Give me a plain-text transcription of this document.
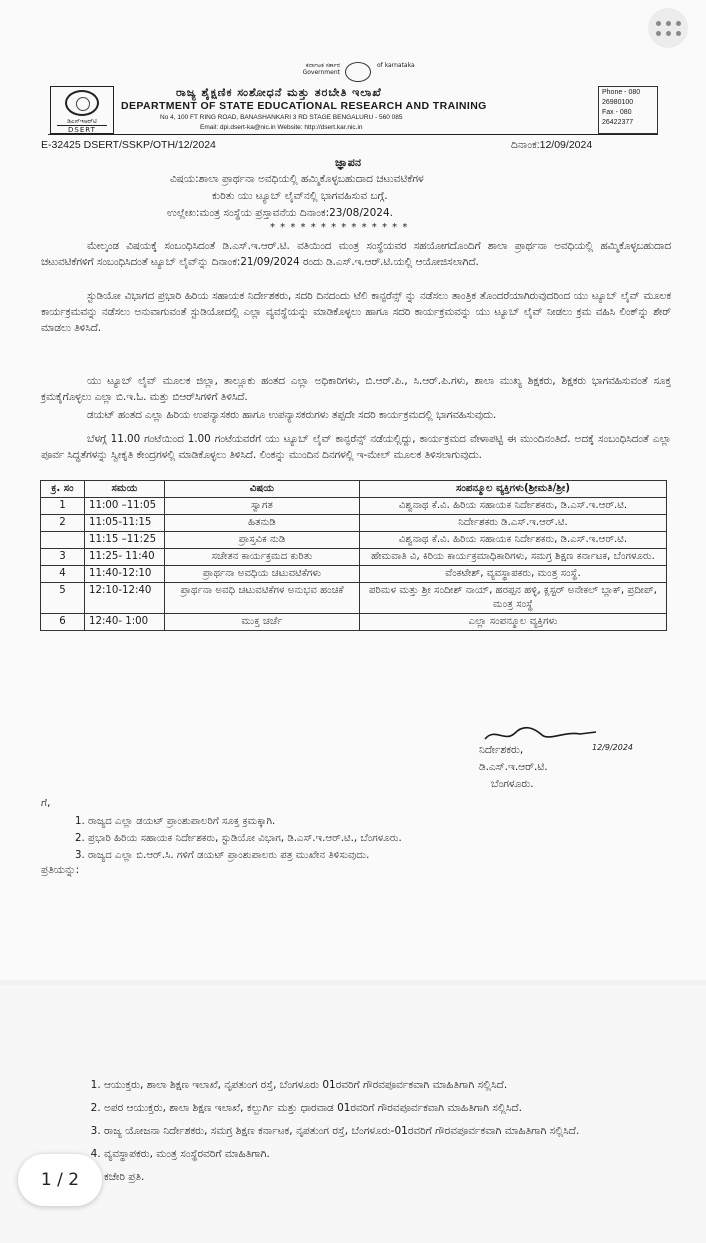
ಕರ್ನಾಟಕ ಸರ್ಕಾರ
Government
of karnataka
ಡಿಎಸ್‌ಇಆರ್‌ಟಿ
DSERT
ರಾಜ್ಯ ಶೈಕ್ಷಣಿಕ ಸಂಶೋಧನೆ ಮತ್ತು ತರಬೇತಿ ಇಲಾಖೆ
DEPARTMENT OF STATE EDUCATIONAL RESEARCH AND TRAINING
No 4, 100 FT RING ROAD, BANASHANKARI 3 RD STAGE BENGALURU - 560 085
Email: dpi.dsert-ka@nic.in Website: http://dsert.kar.nic.in
Phone - 080
26980100
Fax - 080
26422377
E-32425 DSERT/SSKP/OTH/12/2024	ದಿನಾಂಕ:12/09/2024
ಜ್ಞಾಪನ
ವಿಷಯ:ಶಾಲಾ ಪ್ರಾರ್ಥನಾ ಅವಧಿಯಲ್ಲಿ ಹಮ್ಮಿಕೊಳ್ಳಬಹುದಾದ ಚಟುವಟಿಕೆಗಳ
ಕುರಿತು ಯು ಟ್ಯೂಬ್ ಲೈವ್‌ನಲ್ಲಿ ಭಾಗವಹಿಸುವ ಬಗ್ಗೆ.
ಉಲ್ಲೇಖ:ಮಂತ್ರ ಸಂಸ್ಥೆಯ ಪ್ರಸ್ತಾವನೆಯ ದಿನಾಂಕ:23/08/2024.
* * * * * * * * * * * * * *
ಮೇಲ್ಕಂಡ ವಿಷಯಕ್ಕೆ ಸಂಬಂಧಿಸಿದಂತೆ ಡಿ.ಎಸ್.ಇ.ಆರ್.ಟಿ. ವತಿಯಿಂದ ಮಂತ್ರ ಸಂಸ್ಥೆಯವರ ಸಹಯೋಗದೊಂದಿಗೆ ಶಾಲಾ ಪ್ರಾರ್ಥನಾ ಅವಧಿಯಲ್ಲಿ ಹಮ್ಮಿಕೊಳ್ಳಬಹುದಾದ ಚಟುವಟಿಕೆಗಳಿಗೆ ಸಂಬಂಧಿಸಿದಂತೆ ಟ್ಯೂಬ್ ಲೈವ್‌ನ್ನು ದಿನಾಂಕ:21/09/2024 ರಂದು ಡಿ.ಎಸ್.ಇ.ಆರ್.ಟಿ.ಯಲ್ಲಿ ಆಯೋಜಿಸಲಾಗಿದೆ.
ಸ್ಟುಡಿಯೋ ವಿಭಾಗದ ಪ್ರಭಾರಿ ಹಿರಿಯ ಸಹಾಯಕ ನಿರ್ದೇಶಕರು, ಸದರಿ ದಿನದಂದು ಟೆಲಿ ಕಾನ್ಫರೆನ್ಸ್ ನ್ನು ನಡೆಸಲು ತಾಂತ್ರಿಕ ತೊಂದರೆಯಾಗಿರುವುದರಿಂದ ಯು ಟ್ಯೂಬ್ ಲೈವ್ ಮೂಲಕ ಕಾರ್ಯಕ್ರಮವನ್ನು ನಡೆಸಲು ಅನುವಾಗುವಂತೆ ಸ್ಟುಡಿಯೋದಲ್ಲಿ ಎಲ್ಲಾ ವ್ಯವಸ್ಥೆಯನ್ನು ಮಾಡಿಕೊಳ್ಳಲು ಹಾಗೂ ಸದರಿ ಕಾರ್ಯಕ್ರಮವನ್ನು ಯು ಟ್ಯೂಬ್ ಲೈವ್ ನೀಡಲು ಕ್ರಮ ವಹಿಸಿ ಲಿಂಕ್‌ನ್ನು ಶೇರ್ ಮಾಡಲು ತಿಳಿಸಿದೆ.
ಯು ಟ್ಯೂಬ್ ಲೈವ್ ಮೂಲಕ ಜಿಲ್ಲಾ, ತಾಲ್ಲೂಕು ಹಂತದ ಎಲ್ಲಾ ಅಧಿಕಾರಿಗಳು, ಬಿ.ಆರ್.ಪಿ., ಸಿ.ಆರ್.ಪಿ.ಗಳು, ಶಾಲಾ ಮುಖ್ಯ ಶಿಕ್ಷಕರು, ಶಿಕ್ಷಕರು ಭಾಗವಹಿಸುವಂತೆ ಸೂಕ್ತ ಕ್ರಮಕೈಗೊಳ್ಳಲು ಎಲ್ಲಾ ಬಿ.ಇ.ಓ. ಮತ್ತು ಬಿಆರ್‌ಸಿಗಳಿಗೆ ತಿಳಿಸಿದೆ.
ಡಯಟ್ ಹಂತದ ಎಲ್ಲಾ ಹಿರಿಯ ಉಪನ್ಯಾಸಕರು ಹಾಗೂ ಉಪನ್ಯಾಸಕರುಗಳು ತಪ್ಪದೇ ಸದರಿ ಕಾರ್ಯಕ್ರಮದಲ್ಲಿ ಭಾಗವಹಿಸುವುದು.
ಬೆಳಗ್ಗೆ 11.00 ಗಂಟೆಯಿಂದ 1.00 ಗಂಟೆಯವರೆಗೆ ಯು ಟ್ಯೂಬ್ ಲೈವ್ ಕಾನ್ಫರೆನ್ಸ್ ನಡೆಯಲ್ಲಿದ್ದು, ಕಾರ್ಯಕ್ರಮದ ವೇಳಾಪಟ್ಟಿ ಈ ಮುಂದಿನಂತಿದೆ. ಅದಕ್ಕೆ ಸಂಬಂಧಿಸಿದಂತೆ ಎಲ್ಲಾ ಪೂರ್ವ ಸಿದ್ಧತೆಗಳನ್ನು ಸ್ವೀಕೃತಿ ಕೇಂದ್ರಗಳಲ್ಲಿ ಮಾಡಿಕೊಳ್ಳಲು ತಿಳಿಸಿದೆ. ಲಿಂಕನ್ನು ಮುಂದಿನ ದಿನಗಳಲ್ಲಿ ಇ-ಮೇಲ್ ಮೂಲಕ ತಿಳಿಸಲಾಗುವುದು.
ಕ್ರ. ಸಂ	ಸಮಯ	ವಿಷಯ	ಸಂಪನ್ಮೂಲ ವ್ಯಕ್ತಿಗಳು(ಶ್ರೀಮತಿ/ಶ್ರೀ)
1	11:00 –11:05	ಸ್ವಾಗತ	ವಿಶ್ವನಾಥ ಕೆ.ವಿ. ಹಿರಿಯ ಸಹಾಯಕ ನಿರ್ದೇಶಕರು, ಡಿ.ಎಸ್.ಇ.ಆರ್.ಟಿ.
2	11:05-11:15	ಹಿತನುಡಿ	ನಿರ್ದೇಶಕರು ಡಿ.ಎಸ್.ಇ.ಆರ್.ಟಿ.
	11:15 –11:25	ಪ್ರಾಸ್ತವಿಕ ನುಡಿ	ವಿಶ್ವನಾಥ ಕೆ.ವಿ. ಹಿರಿಯ ಸಹಾಯಕ ನಿರ್ದೇಶಕರು, ಡಿ.ಎಸ್.ಇ.ಆರ್.ಟಿ.
3	11:25- 11:40	ಸಚೇತನ ಕಾರ್ಯಕ್ರಮದ ಕುರಿತು	ಹೇಮವಾತಿ ವಿ, ಕಿರಿಯ ಕಾರ್ಯಕ್ರಮಾಧಿಕಾರಿಗಳು, ಸಮಗ್ರ ಶಿಕ್ಷಣ ಕರ್ನಾಟಕ, ಬೆಂಗಳೂರು.
4	11:40-12:10	ಪ್ರಾರ್ಥನಾ ಅವಧಿಯ ಚಟುವಟಿಕೆಗಳು	ವೆಂಕಟೇಶ್, ವ್ಯವಸ್ಥಾಪಕರು, ಮಂತ್ರ ಸಂಸ್ಥೆ.
5	12:10-12:40	ಪ್ರಾರ್ಥನಾ ಅವಧಿ ಚಟುವಟಿಕೆಗಳ ಅನುಭವ ಹಂಚಿಕೆ	ಪರಿಮಳ ಮತ್ತು ಶ್ರೀ ಸಂದೀಶ್ ನಾಯ್, ಹರಪ್ಪನ ಹಳ್ಳಿ, ಕ್ಲಸ್ಟರ್ ಅನೇಕಲ್ ಬ್ಲಾಕ್, ಪ್ರದೀಪ್, ಮಂತ್ರ ಸಂಸ್ಥೆ
6	12:40- 1:00	ಮುಕ್ತ ಚರ್ಚೆ	ಎಲ್ಲಾ ಸಂಪನ್ಮೂಲ ವ್ಯಕ್ತಿಗಳು
12/9/2024
ನಿರ್ದೇಶಕರು,
ಡಿ.ಎಸ್.ಇ.ಆರ್.ಟಿ.
ಬೆಂಗಳೂರು.
ಗೆ,
1. ರಾಜ್ಯದ ಎಲ್ಲಾ ಡಯಟ್ ಪ್ರಾಂಶುಪಾಲರಿಗೆ ಸೂಕ್ತ ಕ್ರಮಕ್ಕಾಗಿ.
2. ಪ್ರಭಾರಿ ಹಿರಿಯ ಸಹಾಯಕ ನಿರ್ದೇಶಕರು, ಸ್ಟುಡಿಯೋ ವಿಭಾಗ, ಡಿ.ಎಸ್.ಇ.ಆರ್.ಟಿ., ಬೆಂಗಳೂರು.
3. ರಾಜ್ಯದ ಎಲ್ಲಾ ಬಿ.ಆರ್.ಸಿ. ಗಳಿಗೆ ಡಯಟ್ ಪ್ರಾಂಶುಪಾಲರು ಪತ್ರ ಮುಖೇನ ತಿಳಿಸುವುದು.
ಪ್ರತಿಯನ್ನು:
1. ಆಯುಕ್ತರು, ಶಾಲಾ ಶಿಕ್ಷಣ ಇಲಾಖೆ, ನೃಪತುಂಗ ರಸ್ತೆ, ಬೆಂಗಳೂರು 01ರವರಿಗೆ ಗೌರವಪೂರ್ವಕವಾಗಿ ಮಾಹಿತಿಗಾಗಿ ಸಲ್ಲಿಸಿದೆ.
2. ಅಪರ ಆಯುಕ್ತರು, ಶಾಲಾ ಶಿಕ್ಷಣ ಇಲಾಖೆ, ಕಲ್ಬುರ್ಗಿ ಮತ್ತು ಧಾರವಾಡ 01ರವರಿಗೆ ಗೌರವಪೂರ್ವಕವಾಗಿ ಮಾಹಿತಿಗಾಗಿ ಸಲ್ಲಿಸಿದೆ.
3. ರಾಜ್ಯ ಯೋಜನಾ ನಿರ್ದೇಶಕರು, ಸಮಗ್ರ ಶಿಕ್ಷಣ ಕರ್ನಾಟಕ, ನೃಪತುಂಗ ರಸ್ತೆ, ಬೆಂಗಳೂರು-01ರವರಿಗೆ ಗೌರವಪೂರ್ವಕವಾಗಿ ಮಾಹಿತಿಗಾಗಿ ಸಲ್ಲಿಸಿದೆ.
4. ವ್ಯವಸ್ಥಾಪಕರು, ಮಂತ್ರ ಸಂಸ್ಥೆರವರಿಗೆ ಮಾಹಿತಿಗಾಗಿ.
5. ಕಚೇರಿ ಪ್ರತಿ.
1 / 2
